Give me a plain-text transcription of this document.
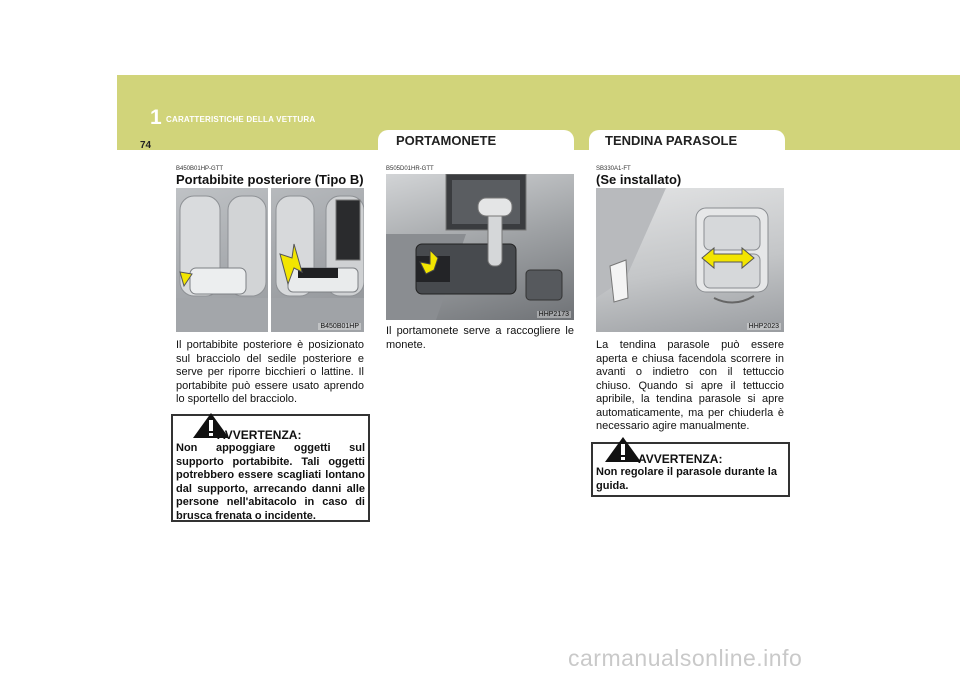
1 CARATTERISTICHE DELLA VETTURA
74	PORTAMONETE	TENDINA PARASOLE
B450B01HP-GTT
Portabibite posteriore (Tipo B)
B450B01HP

Il portabibite posteriore è posizionato sul bracciolo del sedile posteriore e serve per riporre bicchieri o lattine. Il portabibite può essere usato aprendo lo sportello del bracciolo.

AVVERTENZA:

Non appoggiare oggetti sul supporto portabibite. Tali oggetti potrebbero essere scagliati lontano dal supporto, arrecando danni alle persone nell'abitacolo in caso di brusca frenata o incidente.

B505D01HR-GTT
HHP2173

Il portamonete serve a raccogliere le monete.

SB330A1-FT
(Se installato)
HHP2023

La tendina parasole può essere aperta e chiusa facendola scorrere in avanti o indietro con il tettuccio chiuso. Quando si apre il tettuccio apribile, la tendina parasole si apre automaticamente, ma per chiuderla è necessario agire manualmente.

AVVERTENZA:

Non regolare il parasole durante la guida.

carmanualsonline.info
